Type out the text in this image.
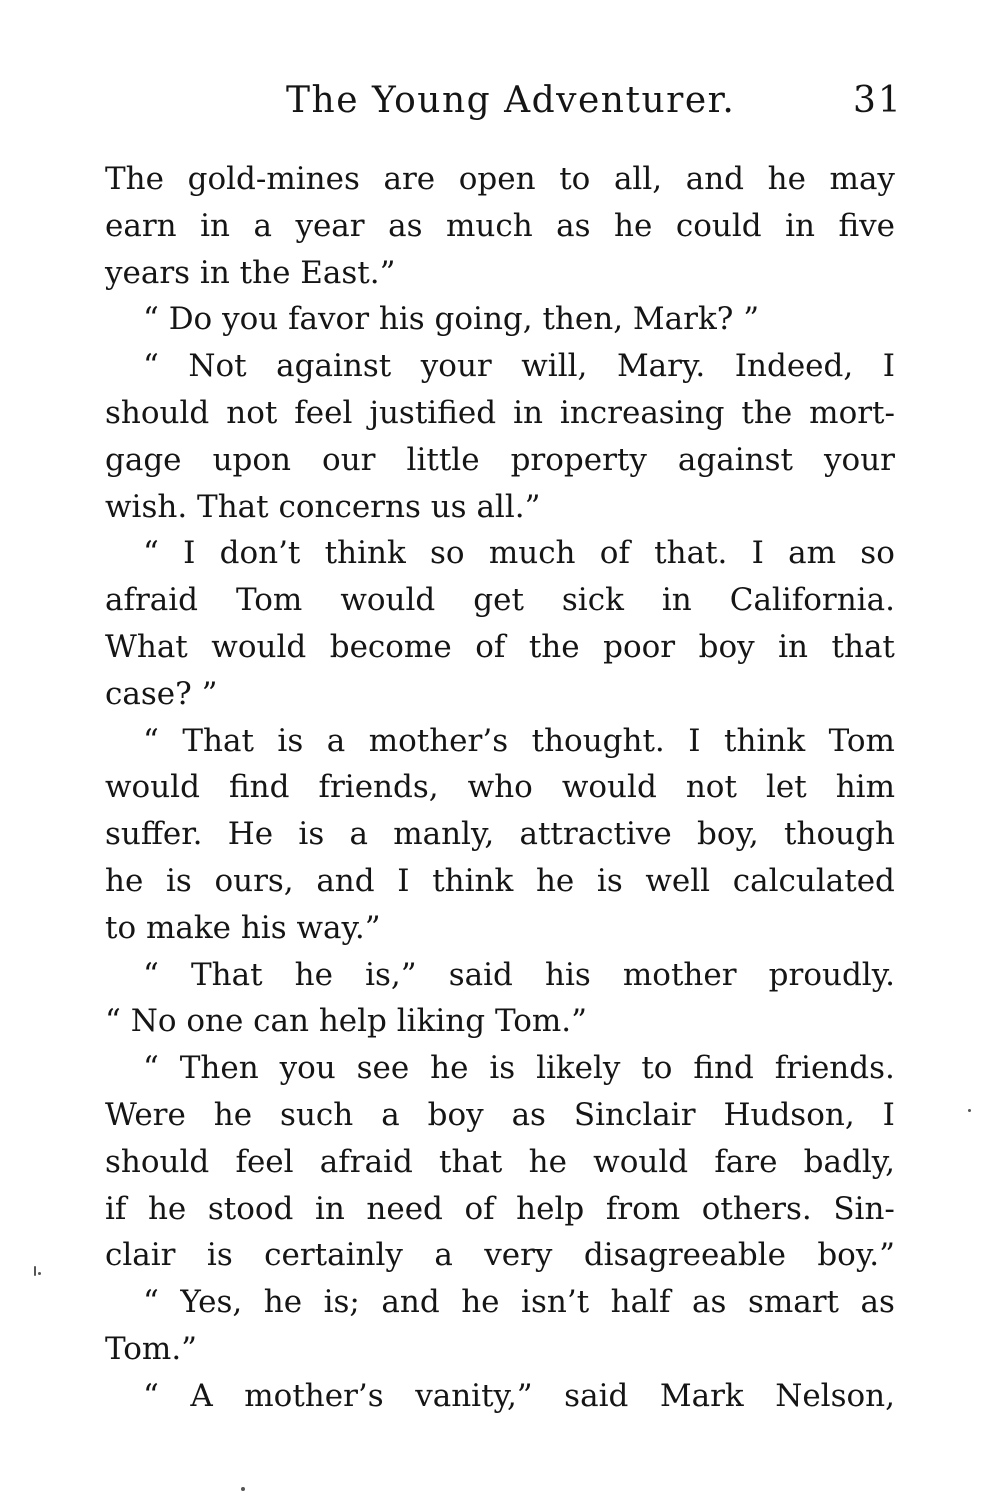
The Young Adventurer.	31
The gold-mines are open to all, and he may
earn in a year as much as he could in five
years in the East.”
“ Do you favor his going, then, Mark? ”
“ Not against your will, Mary. Indeed, I
should not feel justified in increasing the mort-
gage upon our little property against your
wish. That concerns us all.”
“ I don’t think so much of that. I am so
afraid Tom would get sick in California.
What would become of the poor boy in that
case? ”
“ That is a mother’s thought. I think Tom
would find friends, who would not let him
suffer. He is a manly, attractive boy, though
he is ours, and I think he is well calculated
to make his way.”
“ That he is,” said his mother proudly.
“ No one can help liking Tom.”
“ Then you see he is likely to find friends.
Were he such a boy as Sinclair Hudson, I
should feel afraid that he would fare badly,
if he stood in need of help from others. Sin-
clair is certainly a very disagreeable boy.”
“ Yes, he is; and he isn’t half as smart as
Tom.”
“ A mother’s vanity,” said Mark Nelson,
